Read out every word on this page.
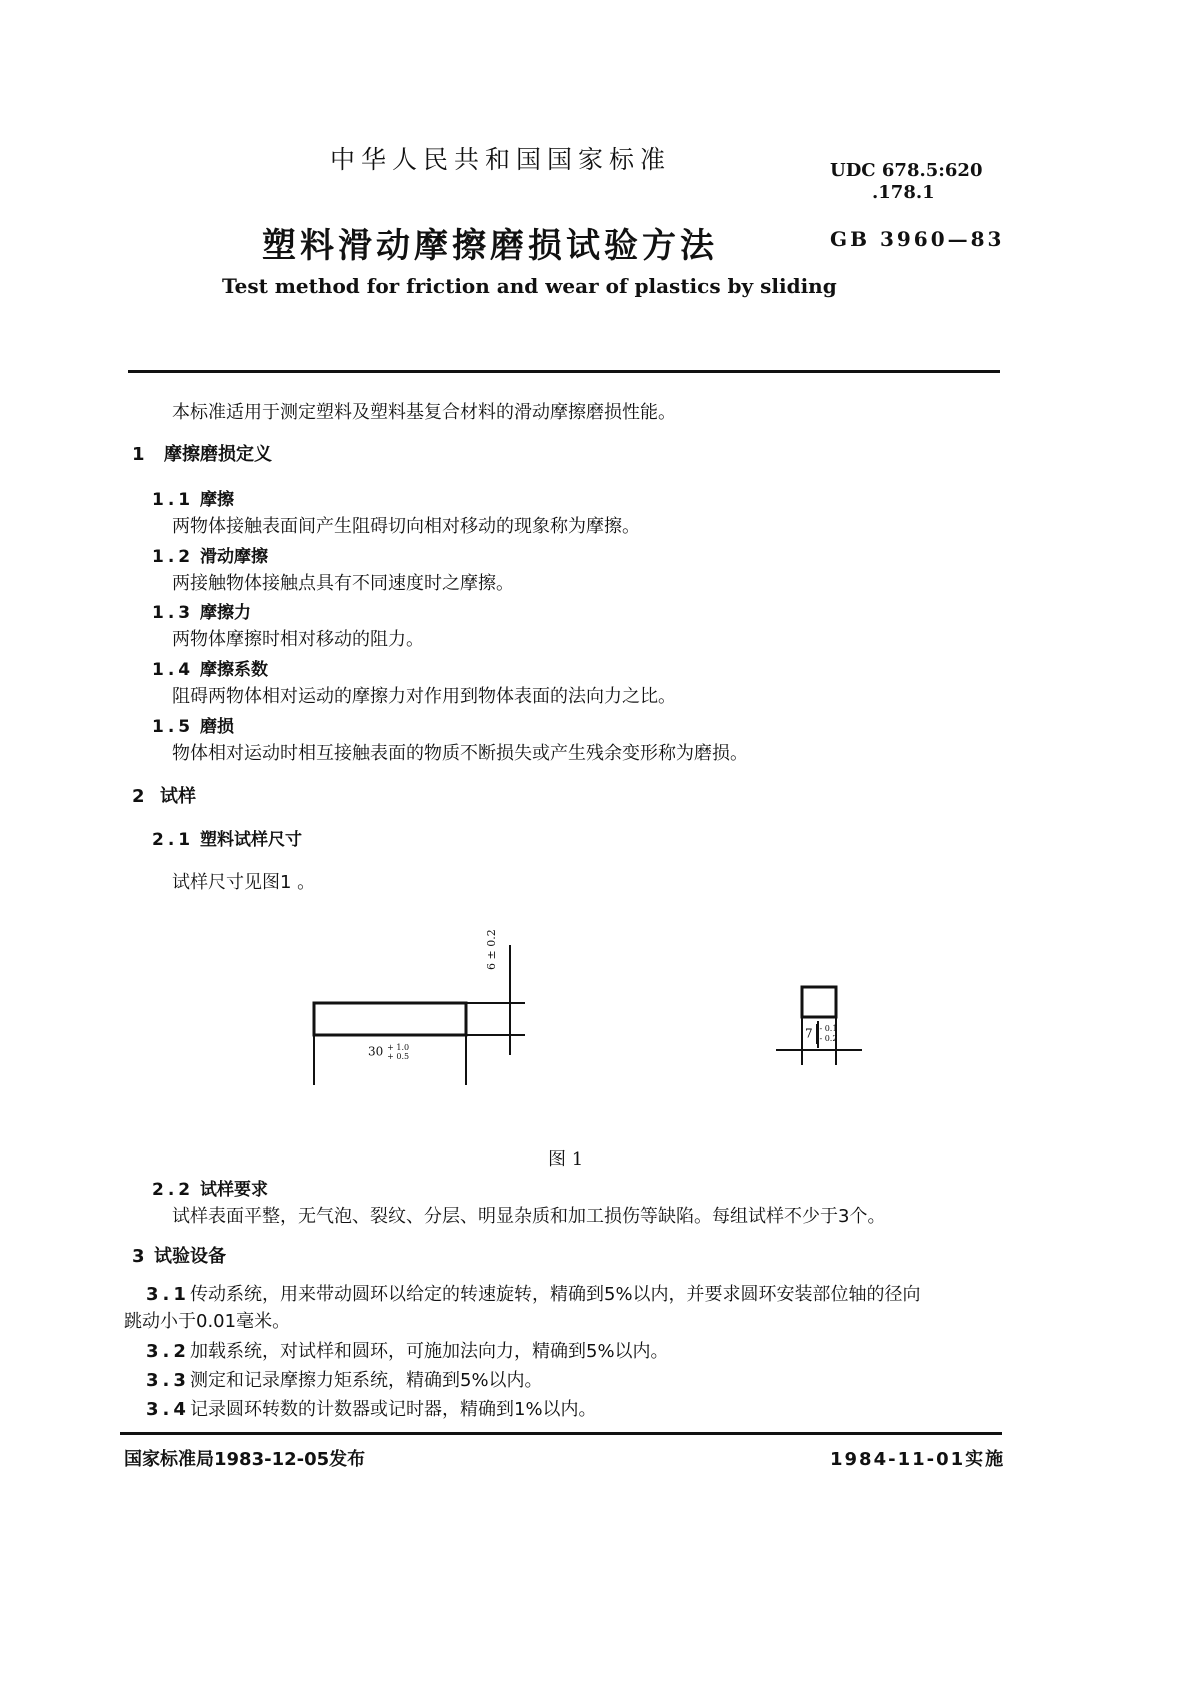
中华人民共和国国家标准	UDC 678.5:620
.178.1
塑料滑动摩擦磨损试验方法	GB 3960—83
Test method for friction and wear of plastics by sliding
本标准适用于测定塑料及塑料基复合材料的滑动摩擦磨损性能。
1 摩擦磨损定义
1.1 摩擦
两物体接触表面间产生阻碍切向相对移动的现象称为摩擦。
1.2 滑动摩擦
两接触物体接触点具有不同速度时之摩擦。
1.3 摩擦力
两物体摩擦时相对移动的阻力。
1.4 摩擦系数
阻碍两物体相对运动的摩擦力对作用到物体表面的法向力之比。
1.5 磨损
物体相对运动时相互接触表面的物质不断损失或产生残余变形称为磨损。
2 试样
2.1 塑料试样尺寸
试样尺寸见图1 。
6 ± 0.2
30 + 1.0
+ 0.5
7 - 0.1
- 0.2
图 1
2.2 试样要求
试样表面平整，无气泡、裂纹、分层、明显杂质和加工损伤等缺陷。每组试样不少于3个。
3 试验设备
3.1传动系统，用来带动圆环以给定的转速旋转，精确到5%以内，并要求圆环安装部位轴的径向
跳动小于0.01毫米。
3.2加载系统，对试样和圆环，可施加法向力，精确到5%以内。
3.3测定和记录摩擦力矩系统，精确到5%以内。
3.4记录圆环转数的计数器或记时器，精确到1%以内。
国家标准局1983-12-05发布	1984-11-01实施
